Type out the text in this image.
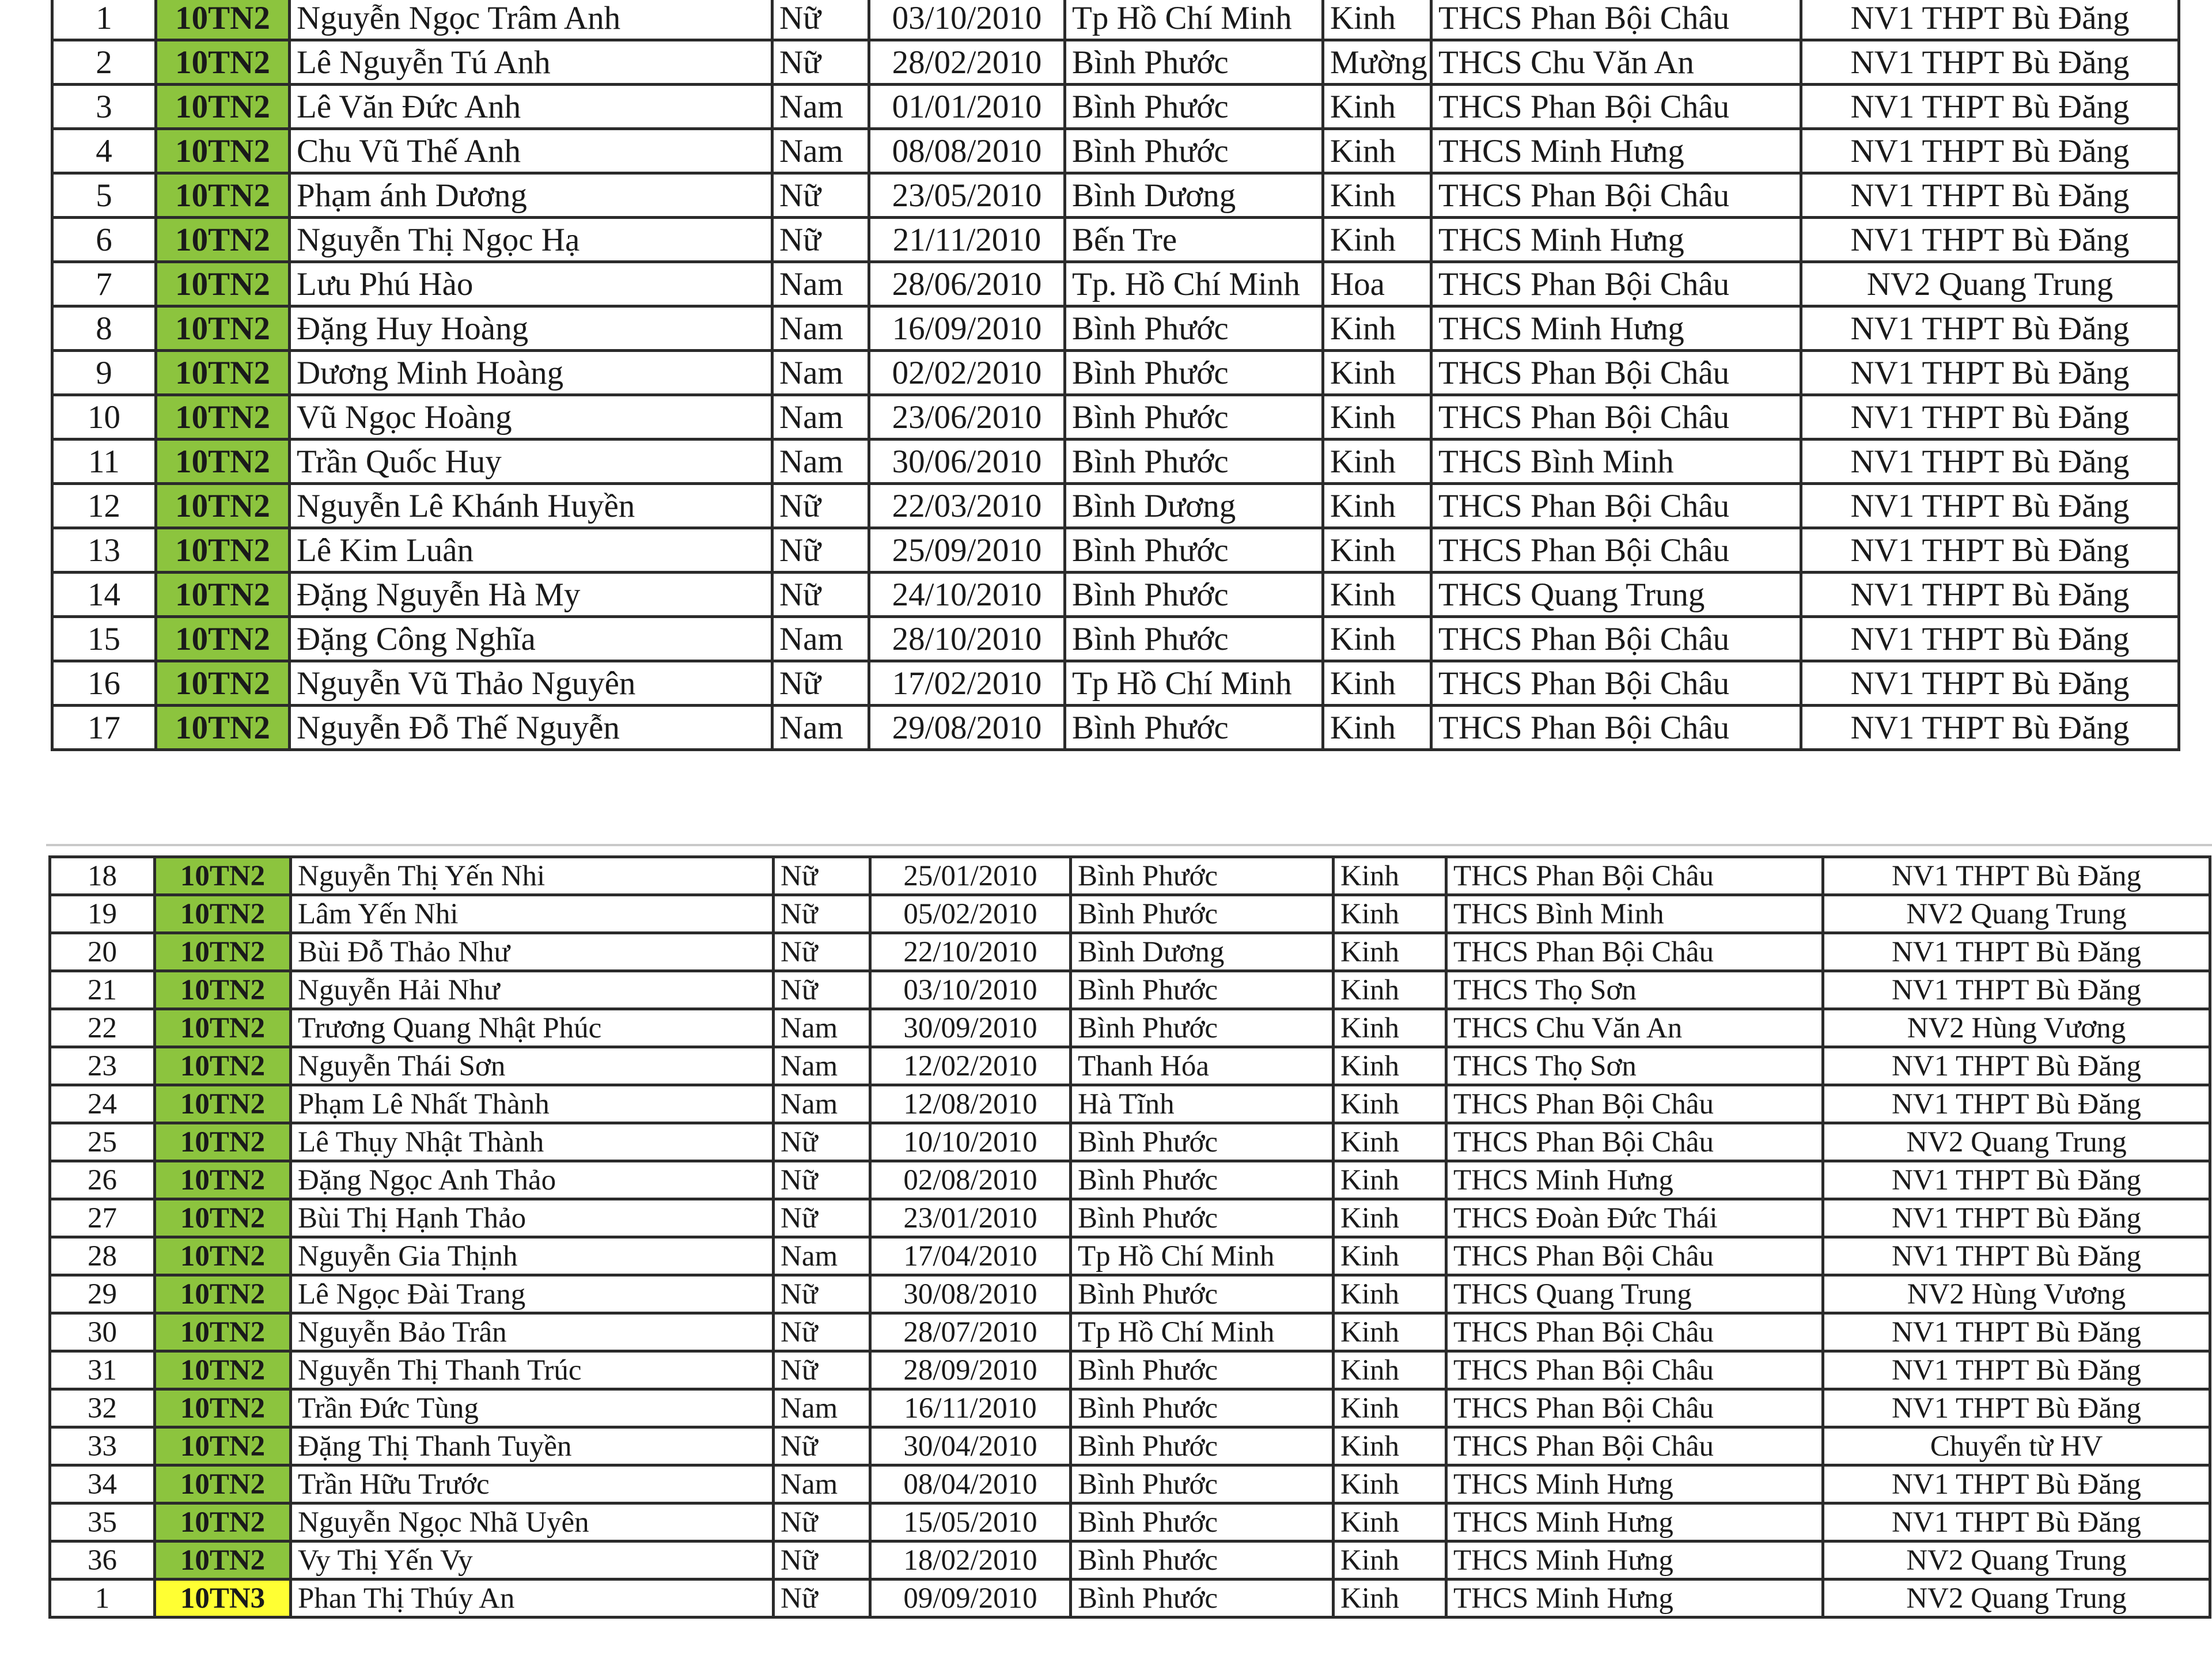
1	10TN2	Nguyễn Ngọc Trâm Anh	Nữ	03/10/2010	Tp Hồ Chí Minh	Kinh	THCS Phan Bội Châu	NV1 THPT Bù Đăng
2	10TN2	Lê Nguyễn Tú Anh	Nữ	28/02/2010	Bình Phước	Mường	THCS Chu Văn An	NV1 THPT Bù Đăng
3	10TN2	Lê Văn Đức Anh	Nam	01/01/2010	Bình Phước	Kinh	THCS Phan Bội Châu	NV1 THPT Bù Đăng
4	10TN2	Chu Vũ Thế Anh	Nam	08/08/2010	Bình Phước	Kinh	THCS Minh Hưng	NV1 THPT Bù Đăng
5	10TN2	Phạm ánh Dương	Nữ	23/05/2010	Bình Dương	Kinh	THCS Phan Bội Châu	NV1 THPT Bù Đăng
6	10TN2	Nguyễn Thị Ngọc Hạ	Nữ	21/11/2010	Bến Tre	Kinh	THCS Minh Hưng	NV1 THPT Bù Đăng
7	10TN2	Lưu Phú Hào	Nam	28/06/2010	Tp. Hồ Chí Minh	Hoa	THCS Phan Bội Châu	NV2 Quang Trung
8	10TN2	Đặng Huy Hoàng	Nam	16/09/2010	Bình Phước	Kinh	THCS Minh Hưng	NV1 THPT Bù Đăng
9	10TN2	Dương Minh Hoàng	Nam	02/02/2010	Bình Phước	Kinh	THCS Phan Bội Châu	NV1 THPT Bù Đăng
10	10TN2	Vũ Ngọc Hoàng	Nam	23/06/2010	Bình Phước	Kinh	THCS Phan Bội Châu	NV1 THPT Bù Đăng
11	10TN2	Trần Quốc Huy	Nam	30/06/2010	Bình Phước	Kinh	THCS Bình Minh	NV1 THPT Bù Đăng
12	10TN2	Nguyễn Lê Khánh Huyền	Nữ	22/03/2010	Bình Dương	Kinh	THCS Phan Bội Châu	NV1 THPT Bù Đăng
13	10TN2	Lê Kim Luân	Nữ	25/09/2010	Bình Phước	Kinh	THCS Phan Bội Châu	NV1 THPT Bù Đăng
14	10TN2	Đặng Nguyễn Hà My	Nữ	24/10/2010	Bình Phước	Kinh	THCS Quang Trung	NV1 THPT Bù Đăng
15	10TN2	Đặng Công Nghĩa	Nam	28/10/2010	Bình Phước	Kinh	THCS Phan Bội Châu	NV1 THPT Bù Đăng
16	10TN2	Nguyễn Vũ Thảo Nguyên	Nữ	17/02/2010	Tp Hồ Chí Minh	Kinh	THCS Phan Bội Châu	NV1 THPT Bù Đăng
17	10TN2	Nguyễn Đỗ Thế Nguyễn	Nam	29/08/2010	Bình Phước	Kinh	THCS Phan Bội Châu	NV1 THPT Bù Đăng
18	10TN2	Nguyễn Thị Yến Nhi	Nữ	25/01/2010	Bình Phước	Kinh	THCS Phan Bội Châu	NV1 THPT Bù Đăng
19	10TN2	Lâm Yến Nhi	Nữ	05/02/2010	Bình Phước	Kinh	THCS Bình Minh	NV2 Quang Trung
20	10TN2	Bùi Đỗ Thảo Như	Nữ	22/10/2010	Bình Dương	Kinh	THCS Phan Bội Châu	NV1 THPT Bù Đăng
21	10TN2	Nguyễn Hải Như	Nữ	03/10/2010	Bình Phước	Kinh	THCS Thọ Sơn	NV1 THPT Bù Đăng
22	10TN2	Trương Quang Nhật Phúc	Nam	30/09/2010	Bình Phước	Kinh	THCS Chu Văn An	NV2 Hùng Vương
23	10TN2	Nguyễn Thái Sơn	Nam	12/02/2010	Thanh Hóa	Kinh	THCS Thọ Sơn	NV1 THPT Bù Đăng
24	10TN2	Phạm Lê Nhất Thành	Nam	12/08/2010	Hà Tĩnh	Kinh	THCS Phan Bội Châu	NV1 THPT Bù Đăng
25	10TN2	Lê Thụy Nhật Thành	Nữ	10/10/2010	Bình Phước	Kinh	THCS Phan Bội Châu	NV2 Quang Trung
26	10TN2	Đặng Ngọc Anh Thảo	Nữ	02/08/2010	Bình Phước	Kinh	THCS Minh Hưng	NV1 THPT Bù Đăng
27	10TN2	Bùi Thị Hạnh Thảo	Nữ	23/01/2010	Bình Phước	Kinh	THCS Đoàn Đức Thái	NV1 THPT Bù Đăng
28	10TN2	Nguyễn Gia Thịnh	Nam	17/04/2010	Tp Hồ Chí Minh	Kinh	THCS Phan Bội Châu	NV1 THPT Bù Đăng
29	10TN2	Lê Ngọc Đài Trang	Nữ	30/08/2010	Bình Phước	Kinh	THCS Quang Trung	NV2 Hùng Vương
30	10TN2	Nguyễn Bảo Trân	Nữ	28/07/2010	Tp Hồ Chí Minh	Kinh	THCS Phan Bội Châu	NV1 THPT Bù Đăng
31	10TN2	Nguyễn Thị Thanh Trúc	Nữ	28/09/2010	Bình Phước	Kinh	THCS Phan Bội Châu	NV1 THPT Bù Đăng
32	10TN2	Trần Đức Tùng	Nam	16/11/2010	Bình Phước	Kinh	THCS Phan Bội Châu	NV1 THPT Bù Đăng
33	10TN2	Đặng Thị Thanh Tuyền	Nữ	30/04/2010	Bình Phước	Kinh	THCS Phan Bội Châu	Chuyển từ HV
34	10TN2	Trần Hữu Trước	Nam	08/04/2010	Bình Phước	Kinh	THCS Minh Hưng	NV1 THPT Bù Đăng
35	10TN2	Nguyễn Ngọc Nhã Uyên	Nữ	15/05/2010	Bình Phước	Kinh	THCS Minh Hưng	NV1 THPT Bù Đăng
36	10TN2	Vy Thị Yến Vy	Nữ	18/02/2010	Bình Phước	Kinh	THCS Minh Hưng	NV2 Quang Trung
1	10TN3	Phan Thị Thúy An	Nữ	09/09/2010	Bình Phước	Kinh	THCS Minh Hưng	NV2 Quang Trung
